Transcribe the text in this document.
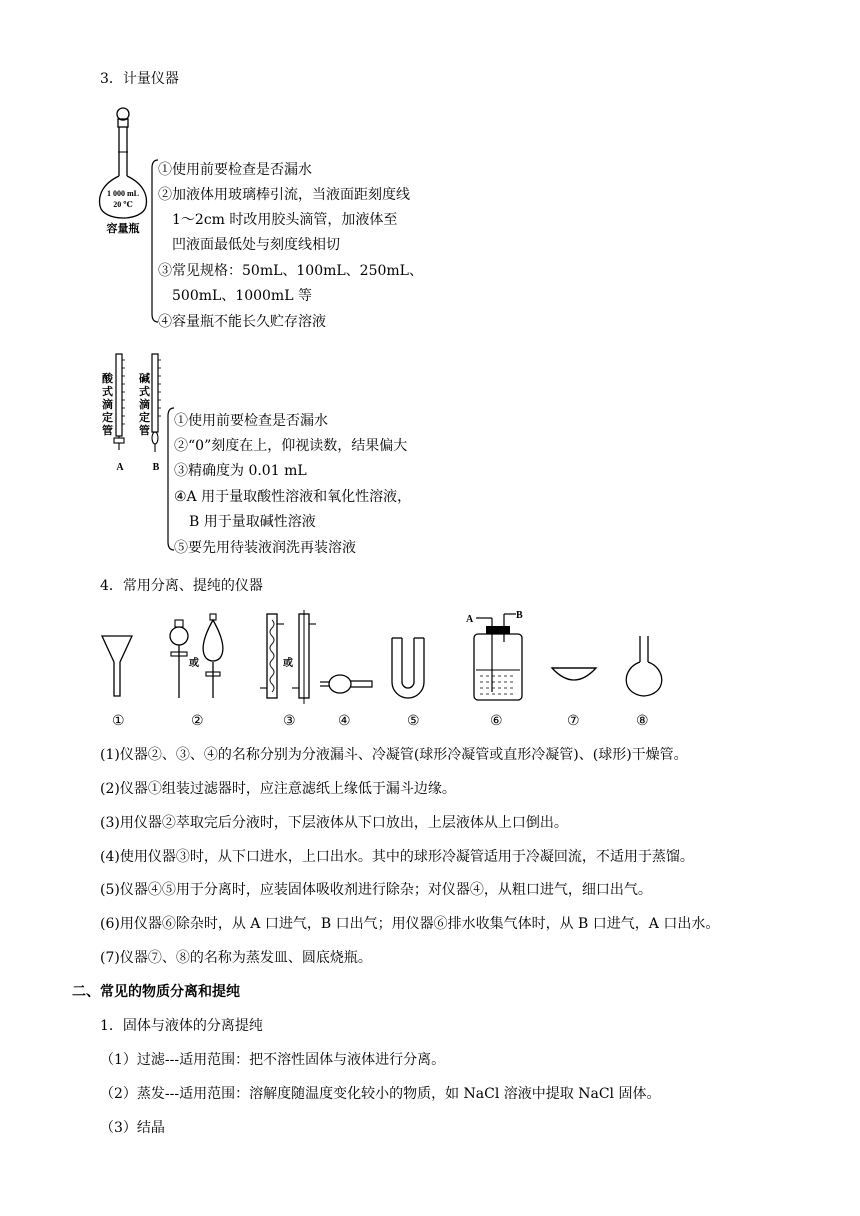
3．计量仪器
1 000 mL
20 ℃
容量瓶
①使用前要检查是否漏水
②加液体用玻璃棒引流，当液面距刻度线
1～2cm 时改用胶头滴管，加液体至
凹液面最低处与刻度线相切
③常见规格：50mL、100mL、250mL、
500mL、1000mL 等
④容量瓶不能长久贮存溶液
A	B
酸式滴定管
碱式滴定管
①使用前要检查是否漏水
②“0”刻度在上，仰视读数，结果偏大
③精确度为 0.01 mL
④A 用于量取酸性溶液和氧化性溶液，
B 用于量取碱性溶液
⑤要先用待装液润洗再装溶液
4．常用分离、提纯的仪器
或	或
A	B
①	②	③	④	⑤	⑥	⑦	⑧
(1)仪器②、③、④的名称分别为分液漏斗、冷凝管(球形冷凝管或直形冷凝管)、(球形)干燥管。
(2)仪器①组装过滤器时，应注意滤纸上缘低于漏斗边缘。
(3)用仪器②萃取完后分液时，下层液体从下口放出，上层液体从上口倒出。
(4)使用仪器③时，从下口进水，上口出水。其中的球形冷凝管适用于冷凝回流，不适用于蒸馏。
(5)仪器④⑤用于分离时，应装固体吸收剂进行除杂；对仪器④，从粗口进气，细口出气。
(6)用仪器⑥除杂时，从 A 口进气，B 口出气；用仪器⑥排水收集气体时，从 B 口进气，A 口出水。
(7)仪器⑦、⑧的名称为蒸发皿、圆底烧瓶。
二、常见的物质分离和提纯
1．固体与液体的分离提纯
（1）过滤---适用范围：把不溶性固体与液体进行分离。
（2）蒸发---适用范围：溶解度随温度变化较小的物质，如 NaCl 溶液中提取 NaCl 固体。
（3）结晶
